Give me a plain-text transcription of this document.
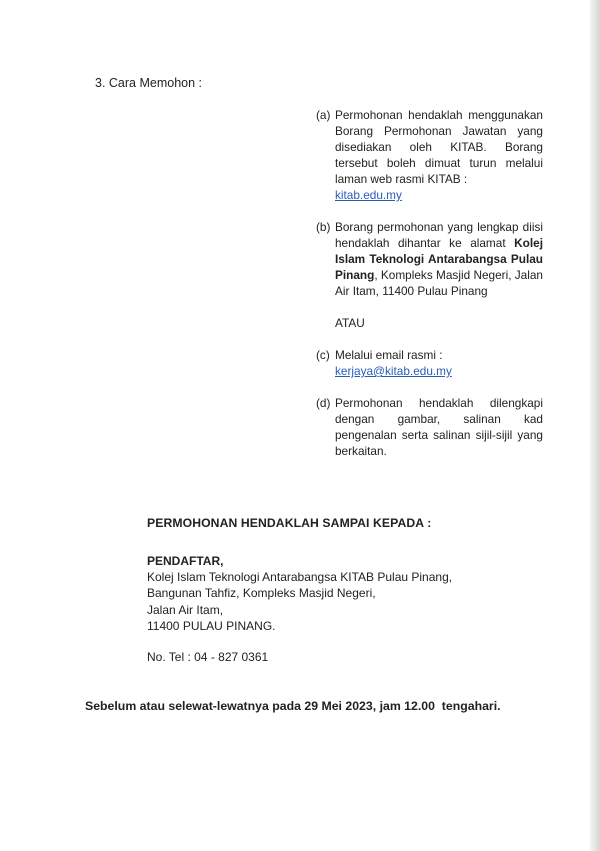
3. Cara Memohon :
(a) Permohonan hendaklah menggunakan Borang Permohonan Jawatan yang disediakan oleh KITAB. Borang tersebut boleh dimuat turun melalui laman web rasmi KITAB :
kitab.edu.my
(b) Borang permohonan yang lengkap diisi hendaklah dihantar ke alamat Kolej Islam Teknologi Antarabangsa Pulau Pinang, Kompleks Masjid Negeri, Jalan Air Itam, 11400 Pulau Pinang
ATAU
(c) Melalui email rasmi :
kerjaya@kitab.edu.my
(d) Permohonan hendaklah dilengkapi dengan gambar, salinan kad pengenalan serta salinan sijil-sijil yang berkaitan.
PERMOHONAN HENDAKLAH SAMPAI KEPADA :
PENDAFTAR,
Kolej Islam Teknologi Antarabangsa KITAB Pulau Pinang,
Bangunan Tahfiz, Kompleks Masjid Negeri,
Jalan Air Itam,
11400 PULAU PINANG.
No. Tel : 04 - 827 0361
Sebelum atau selewat-lewatnya pada 29 Mei 2023, jam 12.00  tengahari.
